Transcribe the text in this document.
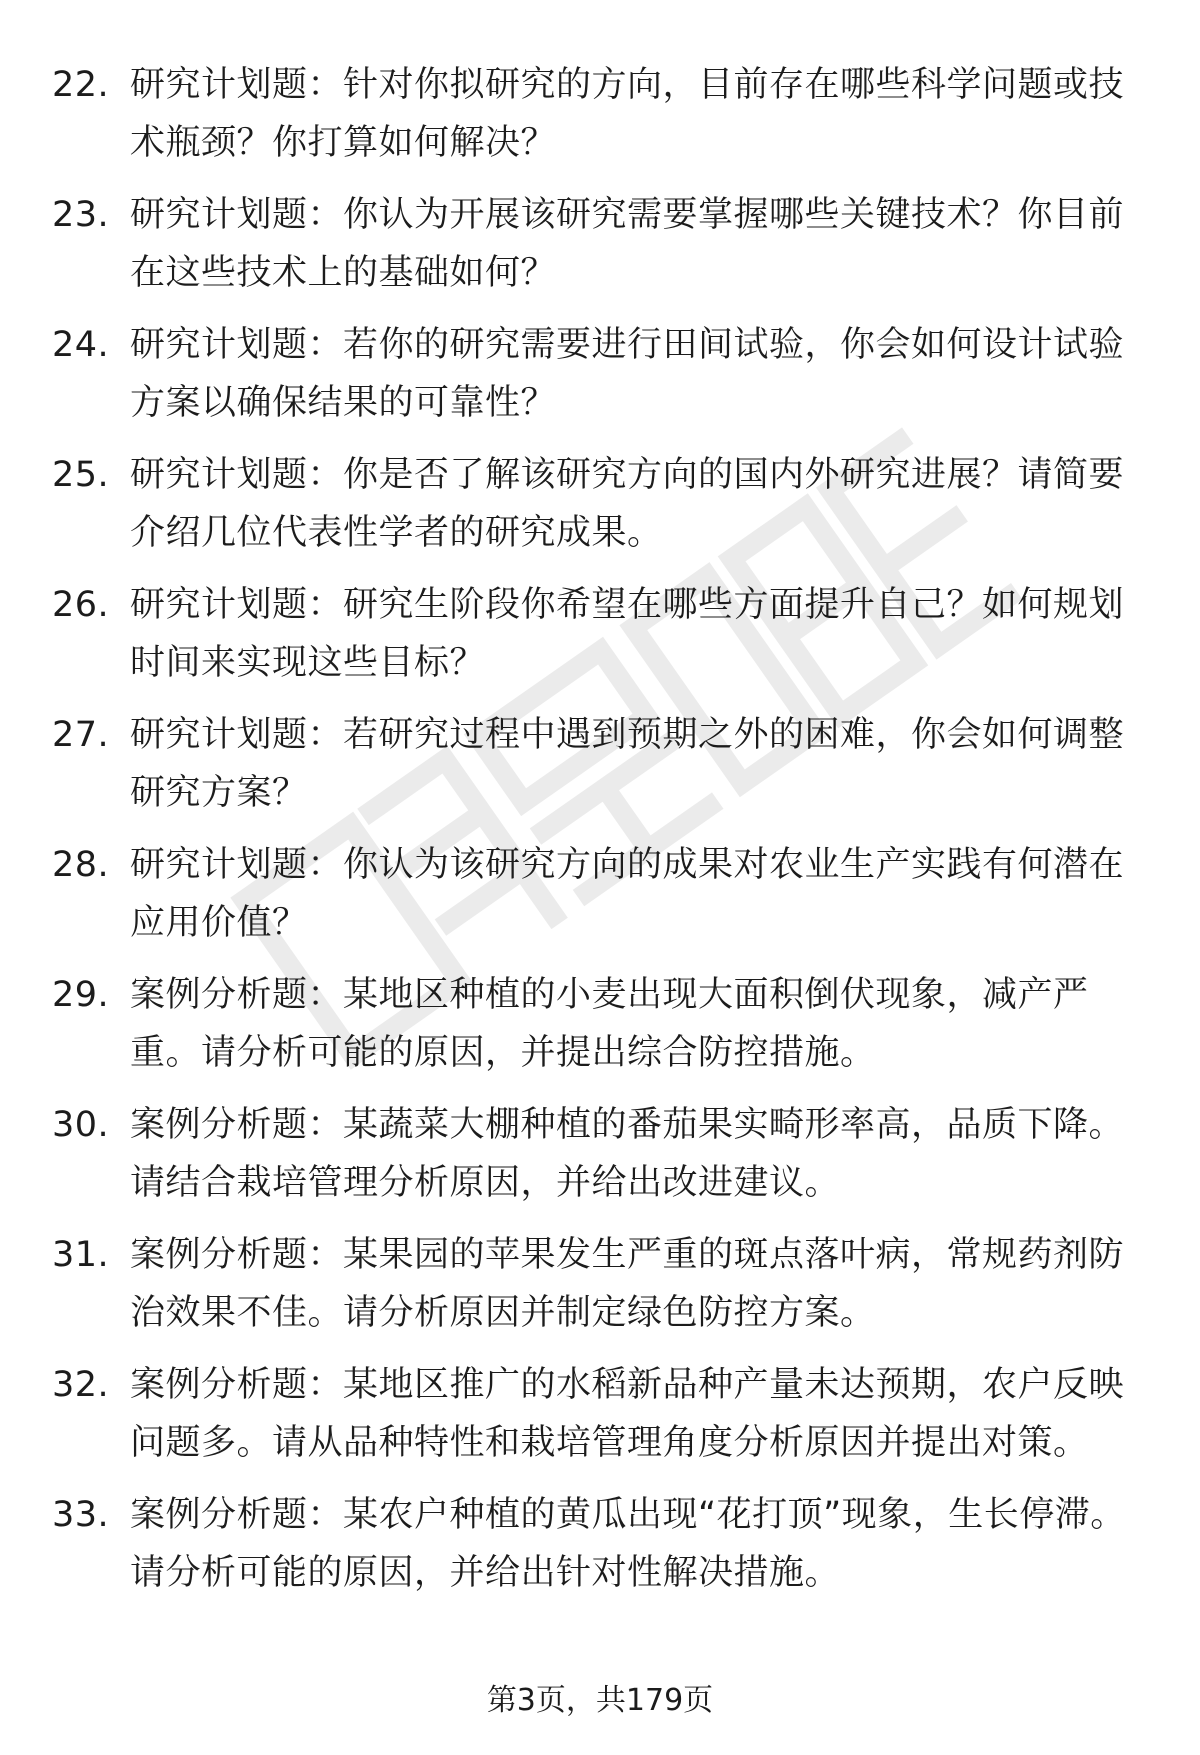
22. 研究计划题：针对你拟研究的方向，目前存在哪些科学问题或技术瓶颈？你打算如何解决？
23. 研究计划题：你认为开展该研究需要掌握哪些关键技术？你目前在这些技术上的基础如何？
24. 研究计划题：若你的研究需要进行田间试验，你会如何设计试验方案以确保结果的可靠性？
25. 研究计划题：你是否了解该研究方向的国内外研究进展？请简要介绍几位代表性学者的研究成果。
26. 研究计划题：研究生阶段你希望在哪些方面提升自己？如何规划时间来实现这些目标？
27. 研究计划题：若研究过程中遇到预期之外的困难，你会如何调整研究方案？
28. 研究计划题：你认为该研究方向的成果对农业生产实践有何潜在应用价值？
29. 案例分析题：某地区种植的小麦出现大面积倒伏现象，减产严重。请分析可能的原因，并提出综合防控措施。
30. 案例分析题：某蔬菜大棚种植的番茄果实畸形率高，品质下降。请结合栽培管理分析原因，并给出改进建议。
31. 案例分析题：某果园的苹果发生严重的斑点落叶病，常规药剂防治效果不佳。请分析原因并制定绿色防控方案。
32. 案例分析题：某地区推广的水稻新品种产量未达预期，农户反映问题多。请从品种特性和栽培管理角度分析原因并提出对策。
33. 案例分析题：某农户种植的黄瓜出现“花打顶”现象，生长停滞。请分析可能的原因，并给出针对性解决措施。
第3页，共179页
